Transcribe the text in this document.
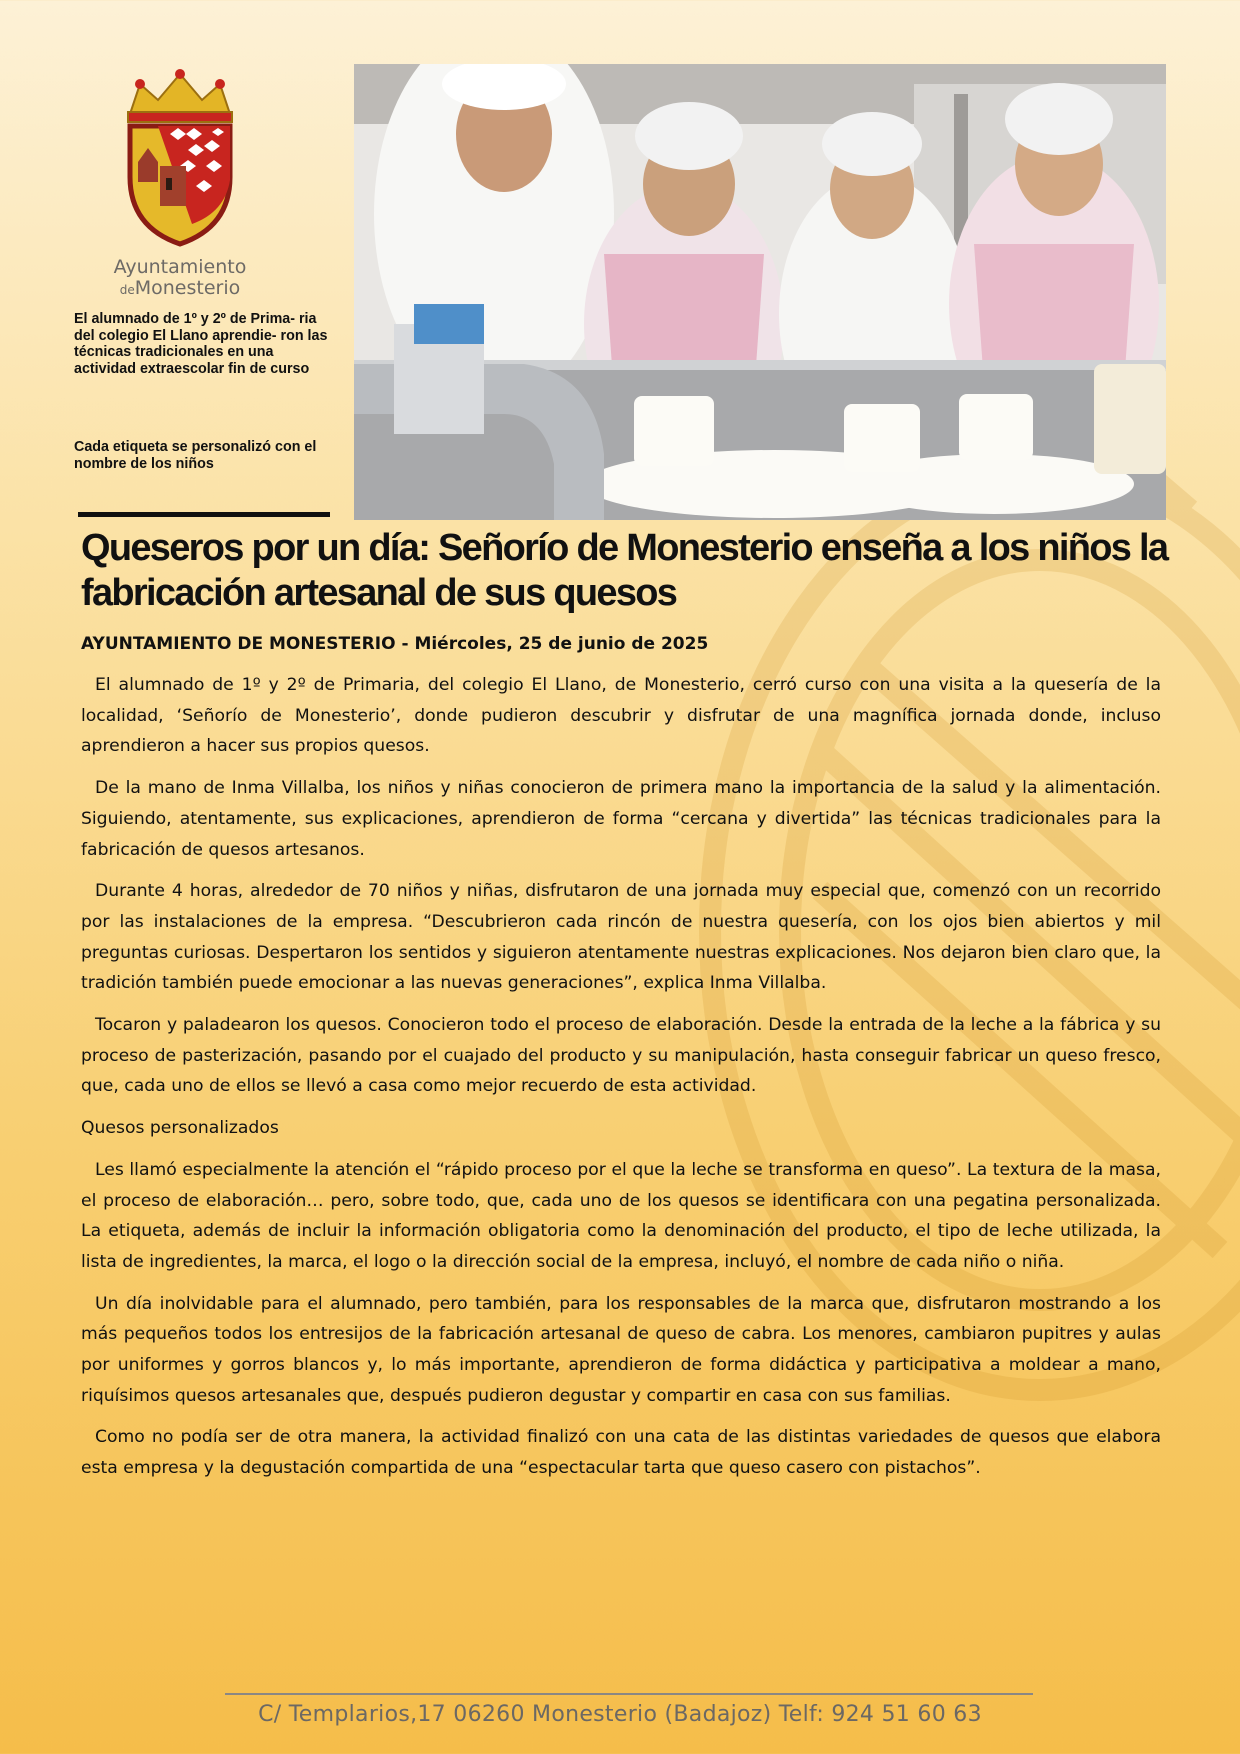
Ayuntamiento
deMonesterio
El alumnado de 1º y 2º de Prima- ria del colegio El Llano aprendie- ron las técnicas tradicionales en una actividad extraescolar fin de curso
Cada etiqueta se personalizó con el nombre de los niños
Queseros por un día: Señorío de Monesterio enseña a los niños la fabricación artesanal de sus quesos
AYUNTAMIENTO DE MONESTERIO - Miércoles, 25 de junio de 2025

El alumnado de 1º y 2º de Primaria, del colegio El Llano, de Monesterio, cerró curso con una visita a la quesería de la localidad, ‘Señorío de Monesterio’, donde pudieron descubrir y disfrutar de una magnífica jornada donde, incluso aprendieron a hacer sus propios quesos.

De la mano de Inma Villalba, los niños y niñas conocieron de primera mano la importancia de la salud y la alimentación. Siguiendo, atentamente, sus explicaciones, aprendieron de forma “cercana y divertida” las técnicas tradicionales para la fabricación de quesos artesanos.

Durante 4 horas, alrededor de 70 niños y niñas, disfrutaron de una jornada muy especial que, comenzó con un recorrido por las instalaciones de la empresa. “Descubrieron cada rincón de nuestra quesería, con los ojos bien abiertos y mil preguntas curiosas. Despertaron los sentidos y siguieron atentamente nuestras explicaciones. Nos dejaron bien claro que, la tradición también puede emocionar a las nuevas generaciones”, explica Inma Villalba.

Tocaron y paladearon los quesos. Conocieron todo el proceso de elaboración. Desde la entrada de la leche a la fábrica y su proceso de pasterización, pasando por el cuajado del producto y su manipulación, hasta conseguir fabricar un queso fresco, que, cada uno de ellos se llevó a casa como mejor recuerdo de esta actividad.

Quesos personalizados

Les llamó especialmente la atención el “rápido proceso por el que la leche se transforma en queso”. La textura de la masa, el proceso de elaboración… pero, sobre todo, que, cada uno de los quesos se identificara con una pegatina personalizada. La etiqueta, además de incluir la información obligatoria como la denominación del producto, el tipo de leche utilizada, la lista de ingredientes, la marca, el logo o la dirección social de la empresa, incluyó, el nombre de cada niño o niña.

Un día inolvidable para el alumnado, pero también, para los responsables de la marca que, disfrutaron mostrando a los más pequeños todos los entresijos de la fabricación artesanal de queso de cabra. Los menores, cambiaron pupitres y aulas por uniformes y gorros blancos y, lo más importante, aprendieron de forma didáctica y participativa a moldear a mano, riquísimos quesos artesanales que, después pudieron degustar y compartir en casa con sus familias.

Como no podía ser de otra manera, la actividad finalizó con una cata de las distintas variedades de quesos que elabora esta empresa y la degustación compartida de una “espectacular tarta que queso casero con pistachos”.

C/ Templarios,17 06260 Monesterio (Badajoz) Telf: 924 51 60 63
